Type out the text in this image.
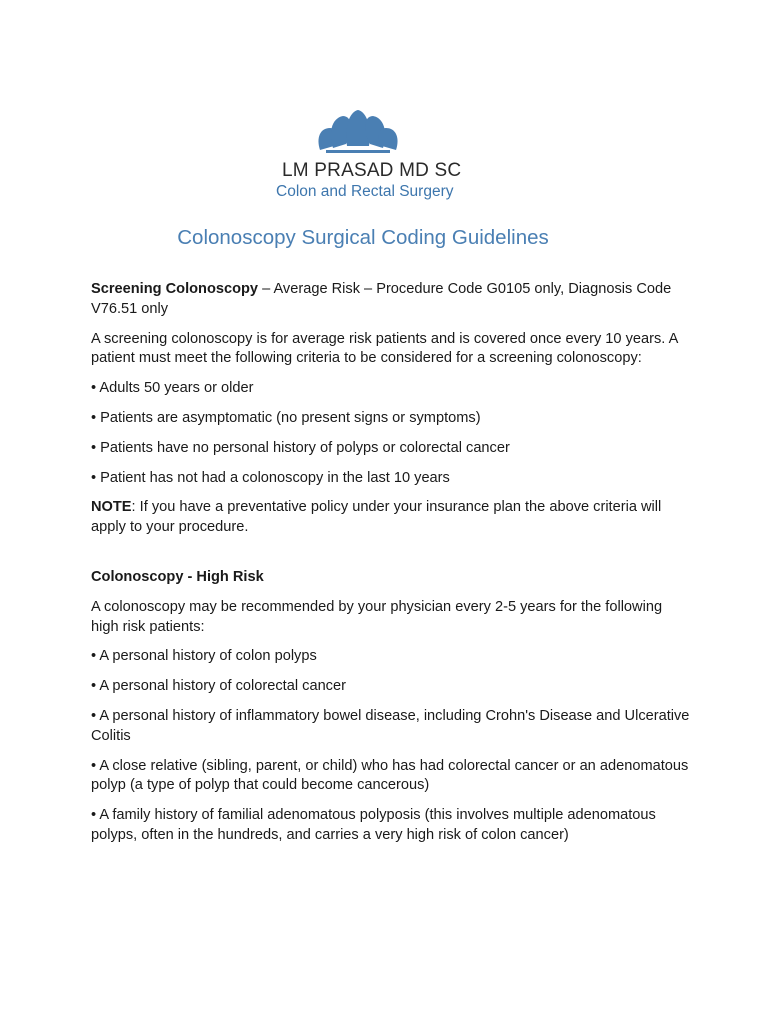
LM PRASAD MD SC
Colon and Rectal Surgery
Colonoscopy Surgical Coding Guidelines

Screening Colonoscopy – Average Risk – Procedure Code G0105 only, Diagnosis Code V76.51 only

A screening colonoscopy is for average risk patients and is covered once every 10 years. A patient must meet the following criteria to be considered for a screening colonoscopy:

• Adults 50 years or older

• Patients are asymptomatic (no present signs or symptoms)

• Patients have no personal history of polyps or colorectal cancer

• Patient has not had a colonoscopy in the last 10 years

NOTE: If you have a preventative policy under your insurance plan the above criteria will apply to your procedure.

Colonoscopy - High Risk

A colonoscopy may be recommended by your physician every 2-5 years for the following high risk patients:

• A personal history of colon polyps

• A personal history of colorectal cancer

• A personal history of inflammatory bowel disease, including Crohn's Disease and Ulcerative Colitis

• A close relative (sibling, parent, or child) who has had colorectal cancer or an adenomatous polyp (a type of polyp that could become cancerous)

• A family history of familial adenomatous polyposis (this involves multiple adenomatous polyps, often in the hundreds, and carries a very high risk of colon cancer)
